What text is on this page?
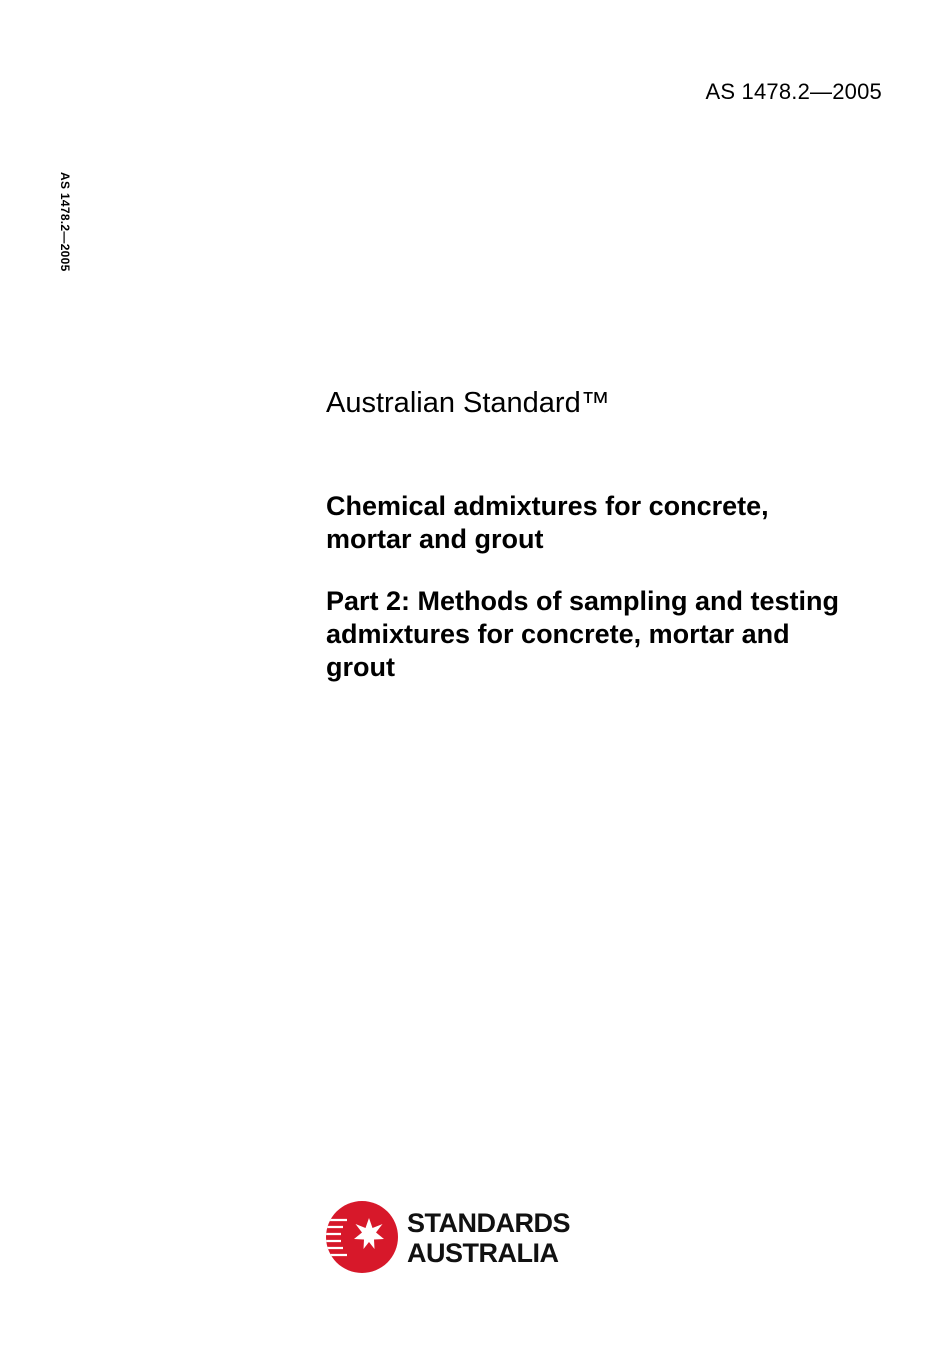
AS 1478.2—2005
AS 1478.2—2005
Australian Standard™
Chemical admixtures for concrete,
mortar and grout
Part 2: Methods of sampling and testing
admixtures for concrete, mortar and
grout
STANDARDS
AUSTRALIA
